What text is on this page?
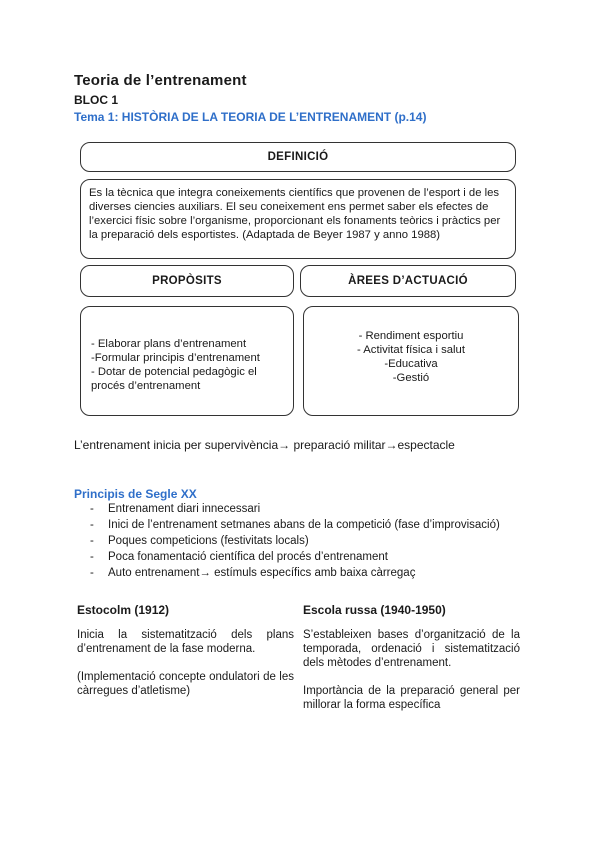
Teoria de l’entrenament
BLOC 1
Tema 1: HISTÒRIA DE LA TEORIA DE L’ENTRENAMENT (p.14)
DEFINICIÓ
Es la tècnica que integra coneixements científics que provenen de l’esport i de les diverses ciencies auxiliars. El seu coneixement ens permet saber els efectes de l’exercici físic sobre l’organisme, proporcionant els fonaments teòrics i pràctics per la preparació dels esportistes. (Adaptada de Beyer 1987 y anno 1988)
PROPÒSITS	ÀREES D’ACTUACIÓ
- Elaborar plans d’entrenament
-Formular principis d’entrenament
- Dotar de potencial pedagògic el procés d’entrenament
- Rendiment esportiu
- Activitat física i salut
-Educativa
-Gestió
L’entrenament inicia per supervivència→ preparació militar→espectacle
Principis de Segle XX
- Entrenament diari innecessari
- Inici de l’entrenament setmanes abans de la competició (fase d’improvisació)
- Poques competicions (festivitats locals)
- Poca fonamentació científica del procés d’entrenament
- Auto entrenament→ estímuls específics amb baixa càrregaç
Estocolm (1912)	Escola russa (1940-1950)
Inicia la sistematització dels plans d’entrenament de la fase moderna.
(Implementació concepte ondulatori de les càrregues d’atletisme)
S’estableixen bases d’organització de la temporada, ordenació i sistematització dels mètodes d’entrenament.
Importància de la preparació general per millorar la forma específica
